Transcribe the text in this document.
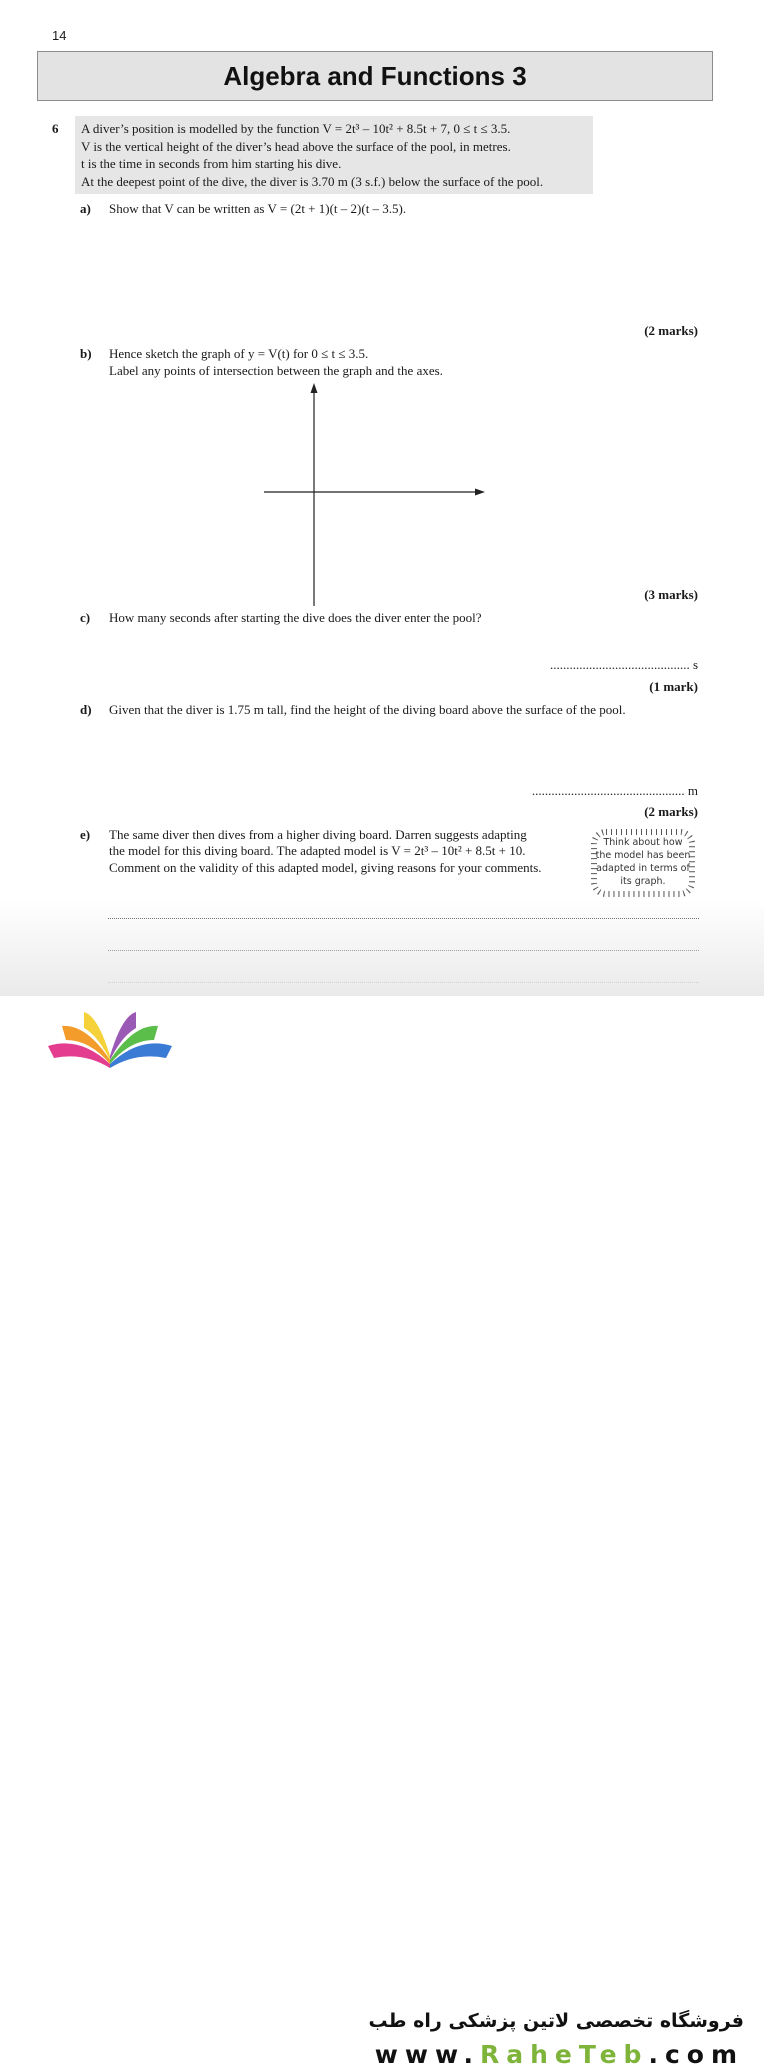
14
Algebra and Functions 3
6 A diver’s position is modelled by the function V = 2t³ – 10t² + 8.5t + 7, 0 ≤ t ≤ 3.5.
V is the vertical height of the diver’s head above the surface of the pool, in metres.
t is the time in seconds from him starting his dive.
At the deepest point of the dive, the diver is 3.70 m (3 s.f.) below the surface of the pool.
a) Show that V can be written as V = (2t + 1)(t – 2)(t – 3.5).
(2 marks)
b) Hence sketch the graph of y = V(t) for 0 ≤ t ≤ 3.5.
Label any points of intersection between the graph and the axes.
(3 marks)
c) How many seconds after starting the dive does the diver enter the pool?
........................................... s
(1 mark)
d) Given that the diver is 1.75 m tall, find the height of the diving board above the surface of the pool.
............................................... m
(2 marks)
e) The same diver then dives from a higher diving board. Darren suggests adapting
the model for this diving board. The adapted model is V = 2t³ – 10t² + 8.5t + 10.
Comment on the validity of this adapted model, giving reasons for your comments.
Think about how
the model has been
adapted in terms of
its graph.
فروشگاه تخصصی لاتین پزشکی راه طب
www.RaheTeb.com
